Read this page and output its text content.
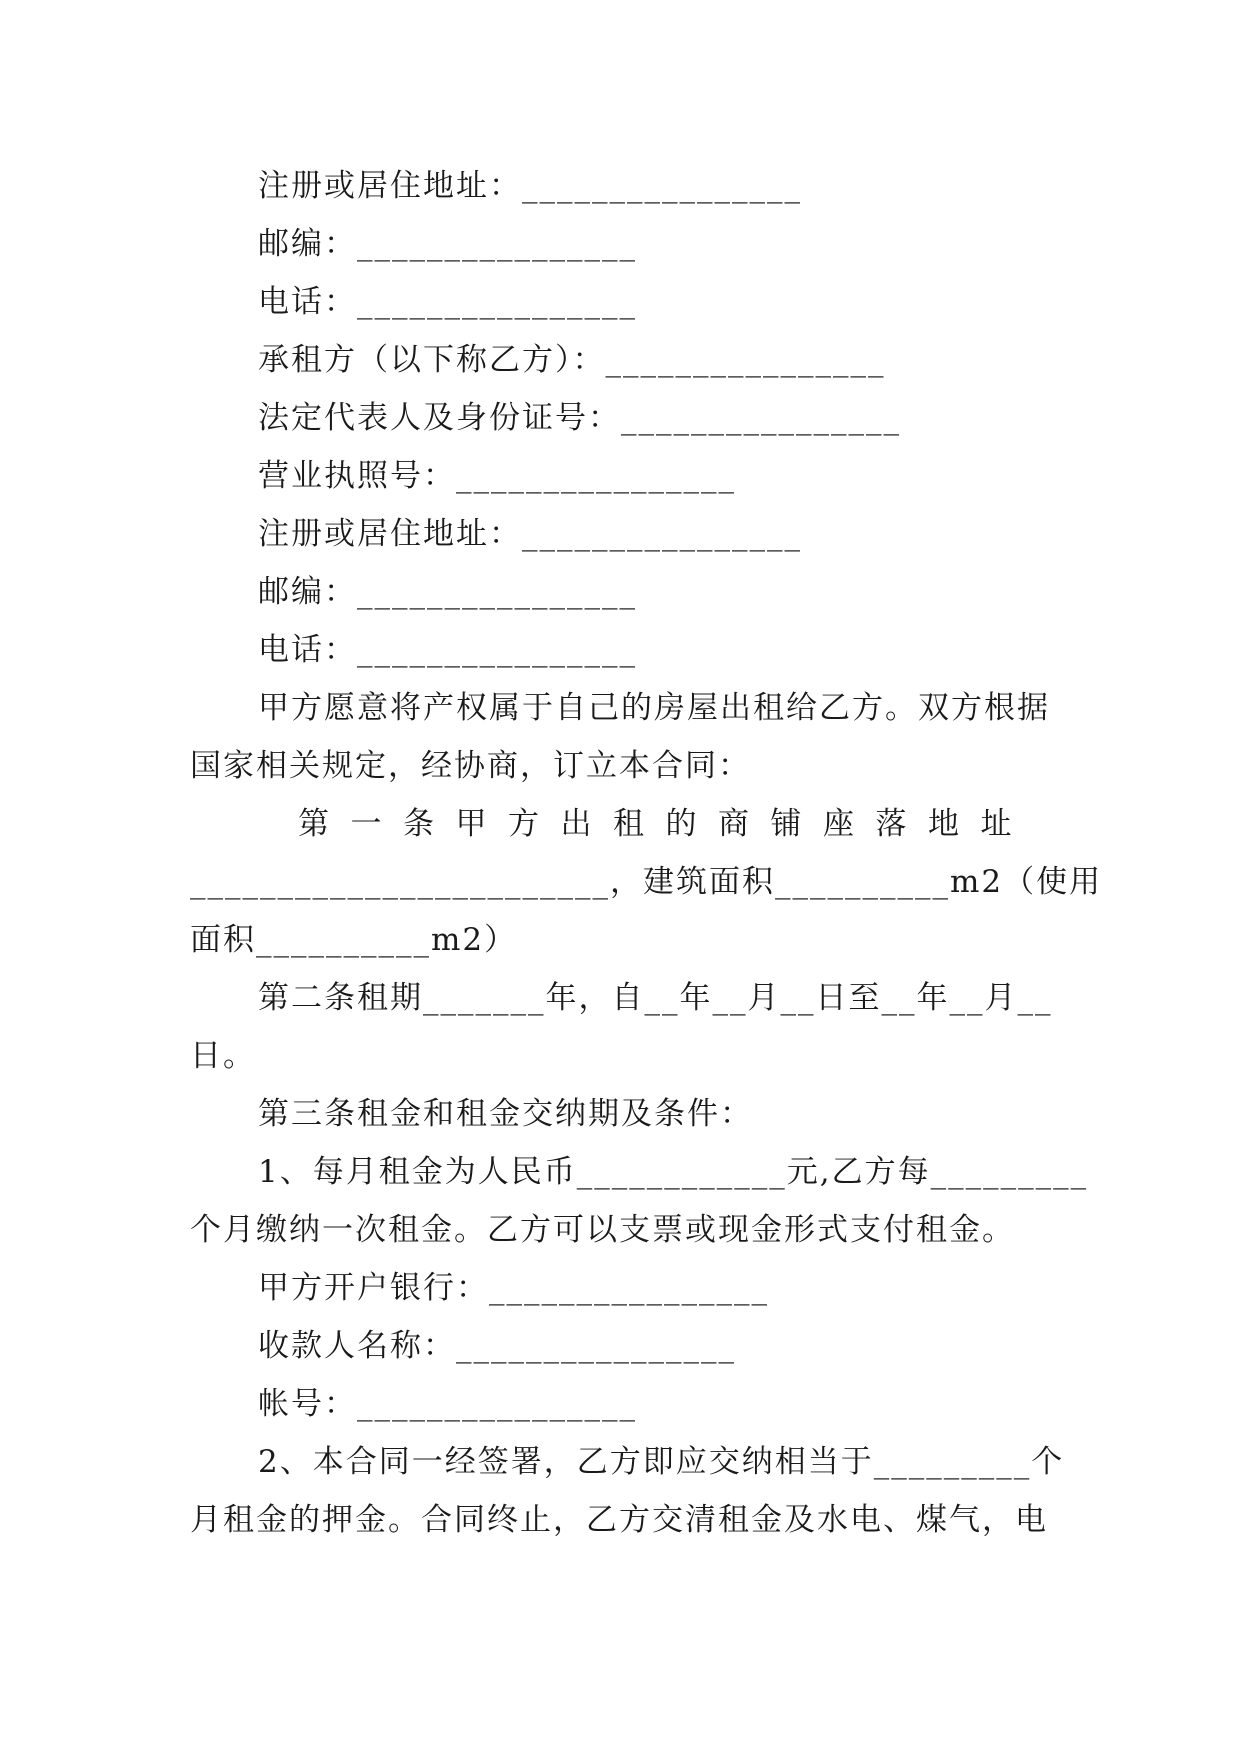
注册或居住地址：________________
邮编：________________
电话：________________
承租方（以下称乙方）：________________
法定代表人及身份证号：________________
营业执照号：________________
注册或居住地址：________________
邮编：________________
电话：________________
甲方愿意将产权属于自己的房屋出租给乙方。双方根据
国家相关规定，经协商，订立本合同：
第一条甲方出租的商铺座落地址
________________________，建筑面积__________m2（使用
面积__________m2）
第二条租期_______年，自__年__月__日至__年__月__
日。
第三条租金和租金交纳期及条件：
1、每月租金为人民币____________元,乙方每_________
个月缴纳一次租金。乙方可以支票或现金形式支付租金。
甲方开户银行：________________
收款人名称：________________
帐号：________________
2、本合同一经签署，乙方即应交纳相当于_________个
月租金的押金。合同终止，乙方交清租金及水电、煤气，电
